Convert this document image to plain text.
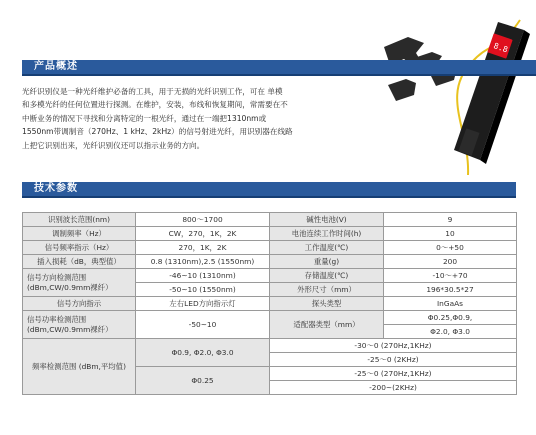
8.8
产品概述
光纤识别仪是一种光纤维护必备的工具，用于无损的光纤识别工作，可在 单模
和多模光纤的任何位置进行探测。在维护，安装，布线和恢复期间，常需要在不
中断业务的情况下寻找和分离特定的一根光纤，通过在一端把1310nm或
1550nm带调制音（270Hz、1 kHz、2kHz）的信号射进光纤，用识别器在线路
上把它识别出来，光纤识别仪还可以指示业务的方向。
技术参数
识别波长范围(nm)	800～1700	碱性电池(V)	9
调制频率（Hz）	CW，270，1K，2K	电池连续工作时间(h)	10
信号频率指示（Hz）	270，1K，2K	工作温度(℃)	0～+50
插入损耗（dB，典型值）	0.8 (1310nm),2.5 (1550nm)	重量(g)	200

信号方向检测范围
(dBm,CW/0.9mm裸纤）	-46~10 (1310nm)	存储温度(℃)	-10～+70
	-50~10 (1550nm)	外形尺寸（mm）	196*30.5*27
信号方向指示	左右LED方向指示灯	探头类型	InGaAs

信号功率检测范围
(dBm,CW/0.9mm裸纤）	-50~10	适配器类型（mm）	Φ0.25,Φ0.9,
			Φ2.0, Φ3.0
频率检测范围 (dBm,平均值)	Φ0.9, Φ2.0, Φ3.0	-30～0 (270Hz,1KHz)	
		-25～0 (2KHz)	
	Φ0.25	-25～0 (270Hz,1KHz)	
		-200~(2KHz)	
